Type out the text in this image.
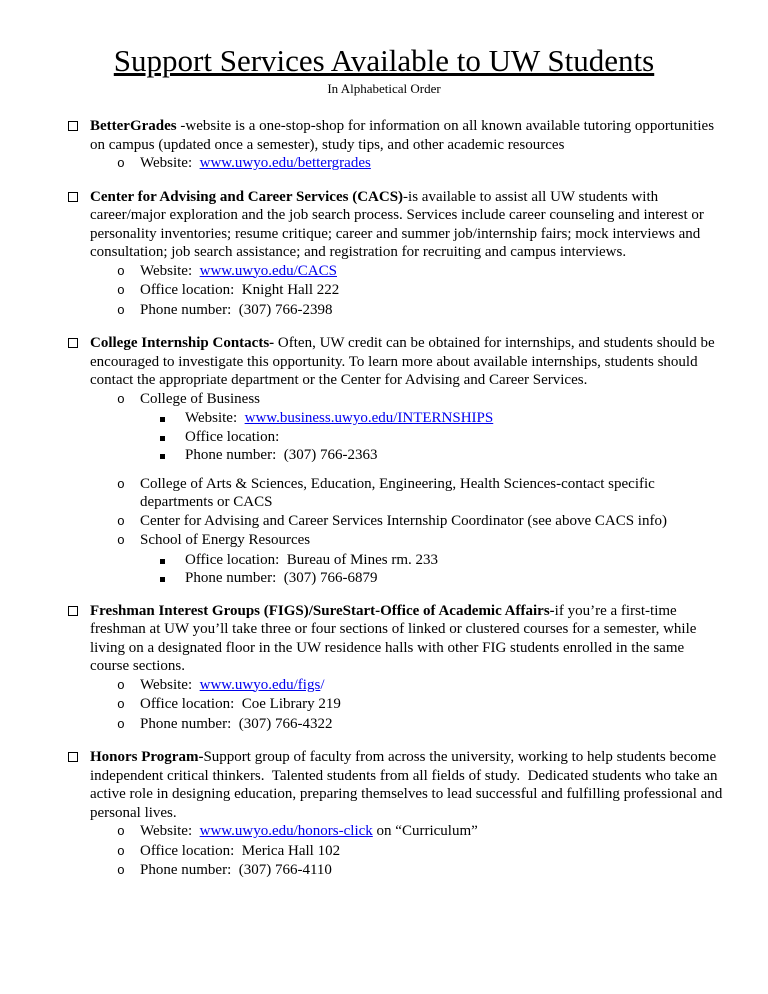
Support Services Available to UW Students
In Alphabetical Order

BetterGrades -website is a one-stop-shop for information on all known available tutoring opportunities on campus (updated once a semester), study tips, and other academic resources

o	Website:  www.uwyo.edu/bettergrades

Center for Advising and Career Services (CACS)-is available to assist all UW students with career/major exploration and the job search process. Services include career counseling and interest or personality inventories; resume critique; career and summer job/internship fairs; mock interviews and consultation; job search assistance; and registration for recruiting and campus interviews.

o	Website:  www.uwyo.edu/CACS

o	Office location:  Knight Hall 222

o	Phone number:  (307) 766-2398

College Internship Contacts- Often, UW credit can be obtained for internships, and students should be encouraged to investigate this opportunity. To learn more about available internships, students should contact the appropriate department or the Center for Advising and Career Services.

o	College of Business

Website:  www.business.uwyo.edu/INTERNSHIPS

Office location:

Phone number:  (307) 766-2363

o	College of Arts & Sciences, Education, Engineering, Health Sciences-contact specific departments or CACS

o	Center for Advising and Career Services Internship Coordinator (see above CACS info)

o	School of Energy Resources

Office location:  Bureau of Mines rm. 233

Phone number:  (307) 766-6879

Freshman Interest Groups (FIGS)/SureStart-Office of Academic Affairs-if you’re a first-time freshman at UW you’ll take three or four sections of linked or clustered courses for a semester, while living on a designated floor in the UW residence halls with other FIG students enrolled in the same course sections.

o	Website:  www.uwyo.edu/figs/

o	Office location:  Coe Library 219

o	Phone number:  (307) 766-4322

Honors Program-Support group of faculty from across the university, working to help students become independent critical thinkers.  Talented students from all fields of study.  Dedicated students who take an active role in designing education, preparing themselves to lead successful and fulfilling professional and personal lives.

o	Website:  www.uwyo.edu/honors-click on “Curriculum”

o	Office location:  Merica Hall 102

o	Phone number:  (307) 766-4110
